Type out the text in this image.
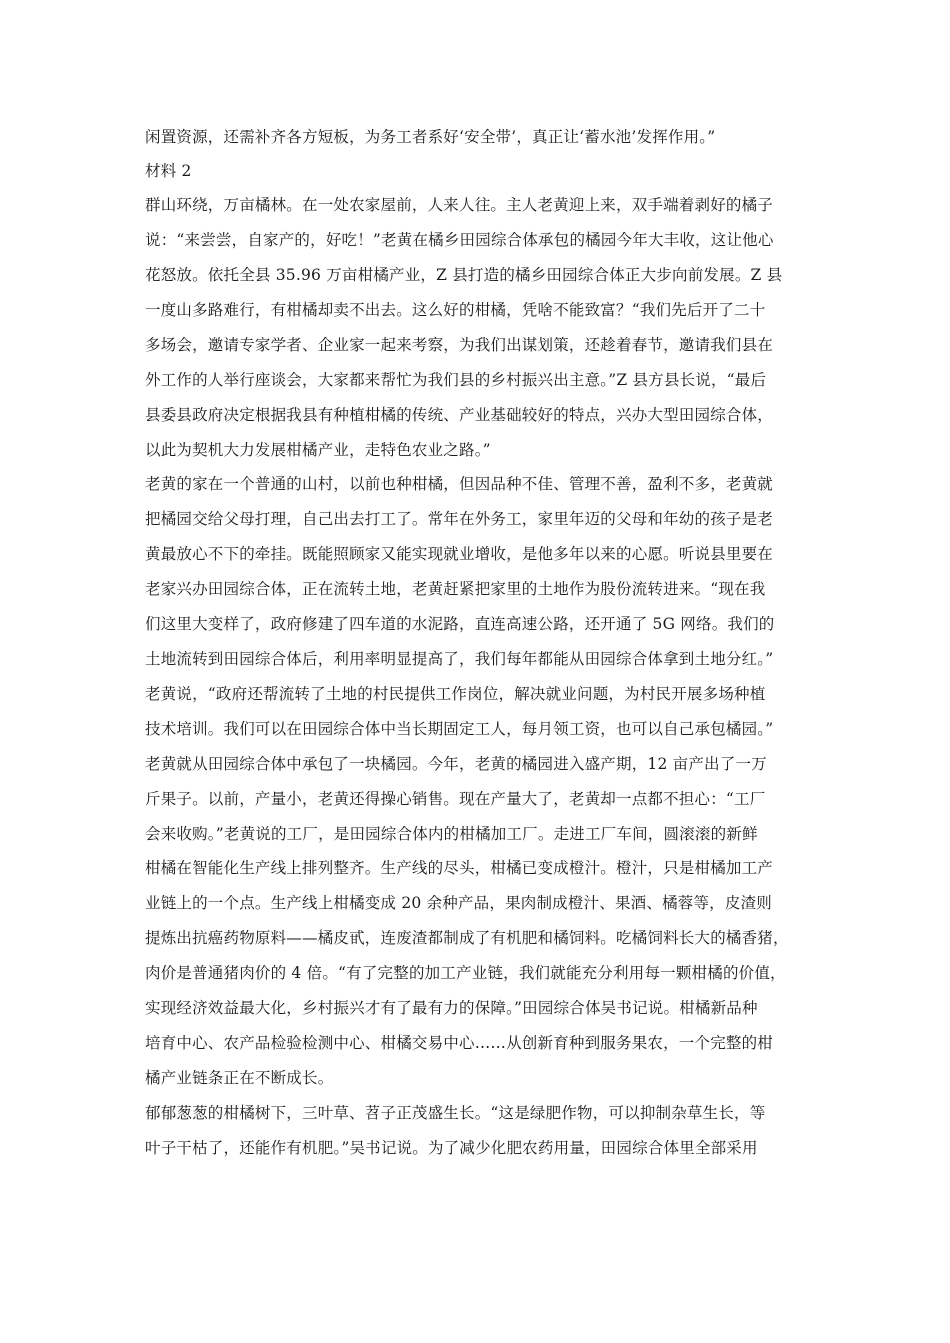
闲置资源，还需补齐各方短板，为务工者系好‘安全带’，真正让‘蓄水池’发挥作用。”
材料 2
群山环绕，万亩橘林。在一处农家屋前，人来人往。主人老黄迎上来，双手端着剥好的橘子
说：“来尝尝，自家产的，好吃！”老黄在橘乡田园综合体承包的橘园今年大丰收，这让他心
花怒放。依托全县 35.96 万亩柑橘产业，Z 县打造的橘乡田园综合体正大步向前发展。Z 县
一度山多路难行，有柑橘却卖不出去。这么好的柑橘，凭啥不能致富？“我们先后开了二十
多场会，邀请专家学者、企业家一起来考察，为我们出谋划策，还趁着春节，邀请我们县在
外工作的人举行座谈会，大家都来帮忙为我们县的乡村振兴出主意。”Z 县方县长说，“最后
县委县政府决定根据我县有种植柑橘的传统、产业基础较好的特点，兴办大型田园综合体，
以此为契机大力发展柑橘产业，走特色农业之路。”
老黄的家在一个普通的山村，以前也种柑橘，但因品种不佳、管理不善，盈利不多，老黄就
把橘园交给父母打理，自己出去打工了。常年在外务工，家里年迈的父母和年幼的孩子是老
黄最放心不下的牵挂。既能照顾家又能实现就业增收，是他多年以来的心愿。听说县里要在
老家兴办田园综合体，正在流转土地，老黄赶紧把家里的土地作为股份流转进来。“现在我
们这里大变样了，政府修建了四车道的水泥路，直连高速公路，还开通了 5G 网络。我们的
土地流转到田园综合体后，利用率明显提高了，我们每年都能从田园综合体拿到土地分红。”
老黄说，“政府还帮流转了土地的村民提供工作岗位，解决就业问题，为村民开展多场种植
技术培训。我们可以在田园综合体中当长期固定工人，每月领工资，也可以自己承包橘园。”
老黄就从田园综合体中承包了一块橘园。今年，老黄的橘园进入盛产期，12 亩产出了一万
斤果子。以前，产量小，老黄还得操心销售。现在产量大了，老黄却一点都不担心：“工厂
会来收购。”老黄说的工厂，是田园综合体内的柑橘加工厂。走进工厂车间，圆滚滚的新鲜
柑橘在智能化生产线上排列整齐。生产线的尽头，柑橘已变成橙汁。橙汁，只是柑橘加工产
业链上的一个点。生产线上柑橘变成 20 余种产品，果肉制成橙汁、果酒、橘蓉等，皮渣则
提炼出抗癌药物原料——橘皮甙，连废渣都制成了有机肥和橘饲料。吃橘饲料长大的橘香猪，
肉价是普通猪肉价的 4 倍。“有了完整的加工产业链，我们就能充分利用每一颗柑橘的价值，
实现经济效益最大化，乡村振兴才有了最有力的保障。”田园综合体吴书记说。柑橘新品种
培育中心、农产品检验检测中心、柑橘交易中心……从创新育种到服务果农，一个完整的柑
橘产业链条正在不断成长。
郁郁葱葱的柑橘树下，三叶草、苕子正茂盛生长。“这是绿肥作物，可以抑制杂草生长，等
叶子干枯了，还能作有机肥。”吴书记说。为了减少化肥农药用量，田园综合体里全部采用
